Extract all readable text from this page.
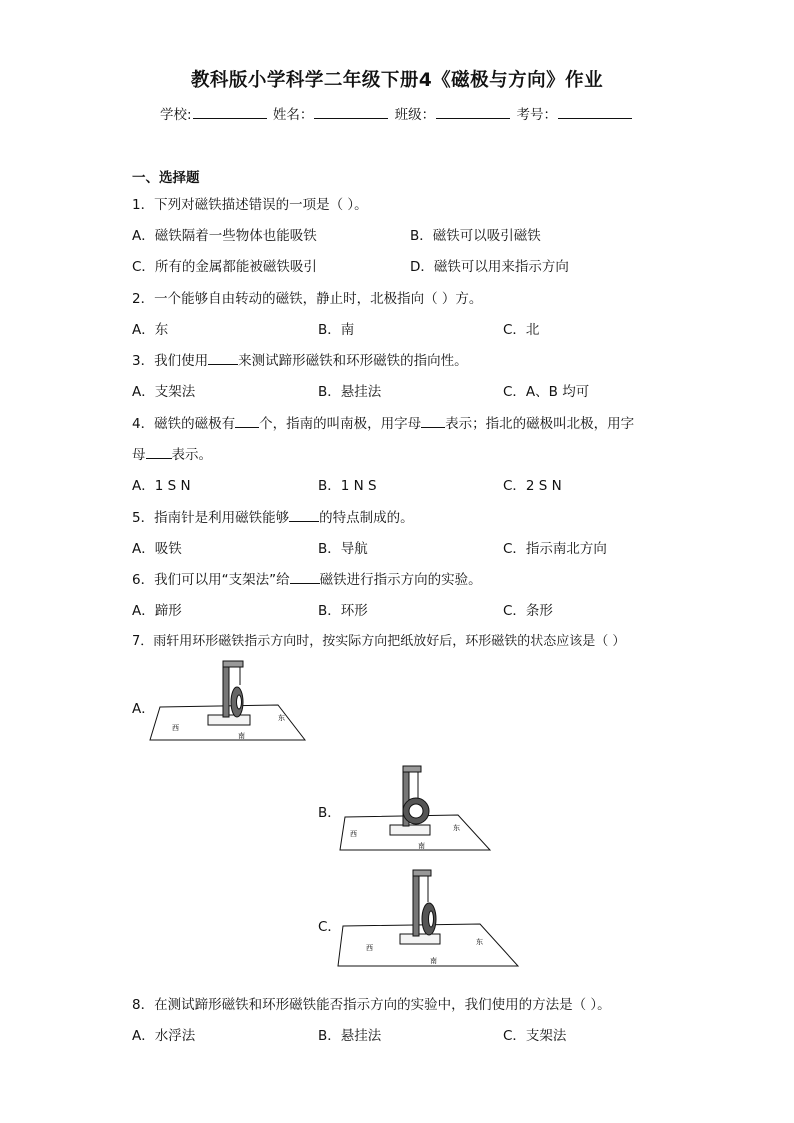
教科版小学科学二年级下册4《磁极与方向》作业
学校:	姓名：	班级：	考号：
一、选择题
1．下列对磁铁描述错误的一项是（ ）。
A．磁铁隔着一些物体也能吸铁	B．磁铁可以吸引磁铁
C．所有的金属都能被磁铁吸引	D．磁铁可以用来指示方向
2．一个能够自由转动的磁铁，静止时，北极指向（ ）方。
A．东	B．南	C．北
3．我们使用 来测试蹄形磁铁和环形磁铁的指向性。
A．支架法	B．悬挂法	C．A、B 均可
4．磁铁的磁极有 个，指南的叫南极，用字母 表示；指北的磁极叫北极，用字
母 表示。
A．1 S N	B．1 N S	C．2 S N
5．指南针是利用磁铁能够 的特点制成的。
A．吸铁	B．导航	C．指示南北方向
6．我们可以用“支架法”给 磁铁进行指示方向的实验。
A．蹄形	B．环形	C．条形
7．雨轩用环形磁铁指示方向时，按实际方向把纸放好后，环形磁铁的状态应该是（ ）
A．
西
东
南
B．
西
东
南
C．
西
东
南
8．在测试蹄形磁铁和环形磁铁能否指示方向的实验中，我们使用的方法是（ ）。
A．水浮法	B．悬挂法	C．支架法
